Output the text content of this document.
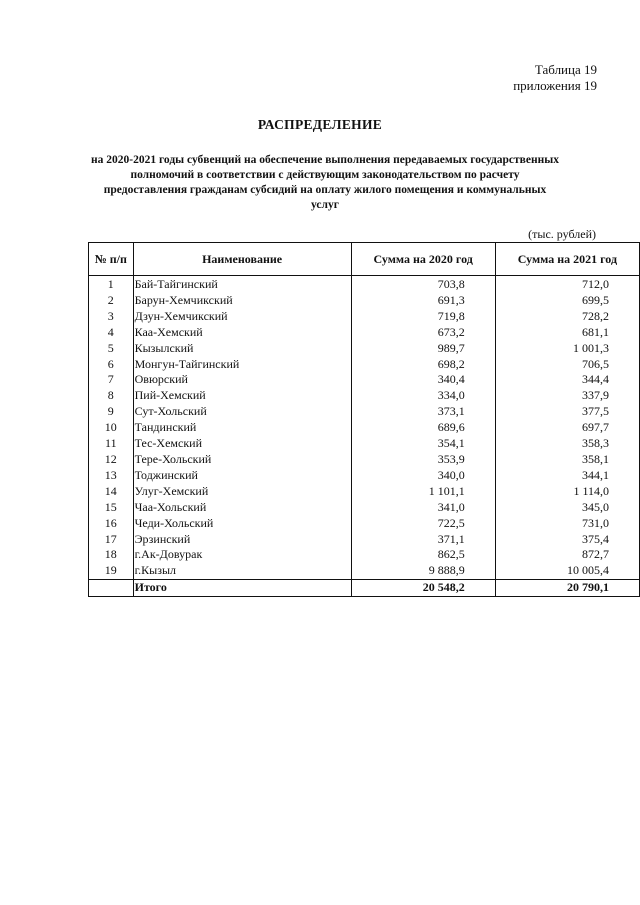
Таблица 19
приложения 19
РАСПРЕДЕЛЕНИЕ
на 2020-2021 годы субвенций на обеспечение выполнения передаваемых государственных полномочий в соответствии с действующим законодательством по расчету предоставления гражданам субсидий на оплату жилого помещения и коммунальных услуг
(тыс. рублей)
№ п/п	Наименование	Сумма на 2020 год	Сумма на 2021 год
1	Бай-Тайгинский	703,8	712,0
2	Барун-Хемчикский	691,3	699,5
3	Дзун-Хемчикский	719,8	728,2
4	Каа-Хемский	673,2	681,1
5	Кызылский	989,7	1 001,3
6	Монгун-Тайгинский	698,2	706,5
7	Овюрский	340,4	344,4
8	Пий-Хемский	334,0	337,9
9	Сут-Хольский	373,1	377,5
10	Тандинский	689,6	697,7
11	Тес-Хемский	354,1	358,3
12	Тере-Хольский	353,9	358,1
13	Тоджинский	340,0	344,1
14	Улуг-Хемский	1 101,1	1 114,0
15	Чаа-Хольский	341,0	345,0
16	Чеди-Хольский	722,5	731,0
17	Эрзинский	371,1	375,4
18	г.Ак-Довурак	862,5	872,7
19	г.Кызыл	9 888,9	10 005,4
	Итого	20 548,2	20 790,1
